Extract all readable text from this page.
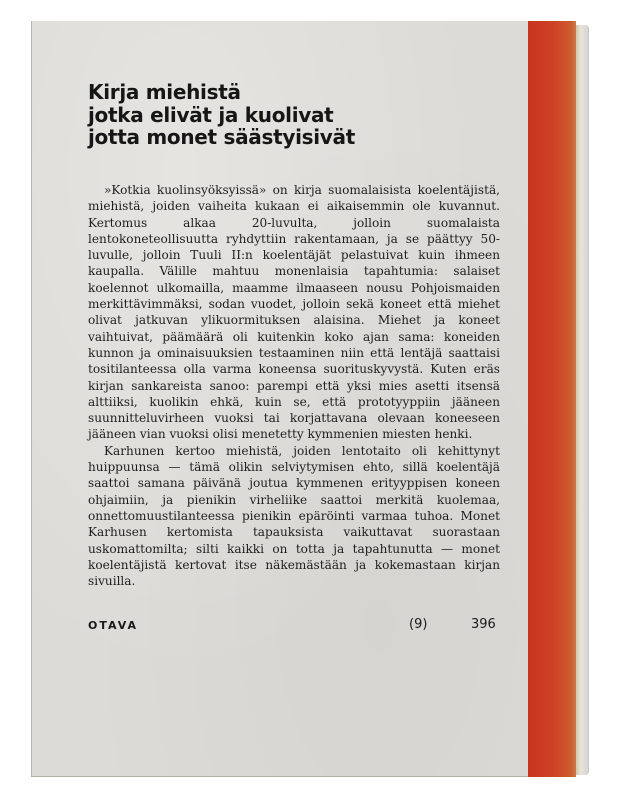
Kirja miehistä
jotka elivät ja kuolivat
jotta monet säästyisivät

»Kotkia kuolinsyöksyissä» on kirja suomalaisista koelentäjistä, miehistä, joiden vaiheita kukaan ei aikaisemmin ole kuvannut. Kertomus alkaa 20-luvulta, jolloin suomalaista lentokoneteollisuutta ryhdyttiin rakentamaan, ja se päättyy 50-luvulle, jolloin Tuuli II:n koelentäjät pelastuivat kuin ihmeen kaupalla. Välille mahtuu monenlaisia tapahtumia: salaiset koelennot ulkomailla, maamme ilmaaseen nousu Pohjoismaiden merkittävimmäksi, sodan vuodet, jolloin sekä koneet että miehet olivat jatkuvan ylikuormituksen alaisina. Miehet ja koneet vaihtuivat, päämäärä oli kuitenkin koko ajan sama: koneiden kunnon ja ominaisuuksien testaaminen niin että lentäjä saattaisi tositilanteessa olla varma koneensa suorituskyvystä. Kuten eräs kirjan sankareista sanoo: parempi että yksi mies asetti itsensä alttiiksi, kuolikin ehkä, kuin se, että prototyyppiin jääneen suunnitteluvirheen vuoksi tai korjattavana olevaan koneeseen jääneen vian vuoksi olisi menetetty kymmenien miesten henki.

Karhunen kertoo miehistä, joiden lentotaito oli kehittynyt huippuunsa — tämä olikin selviytymisen ehto, sillä koelentäjä saattoi samana päivänä joutua kymmenen erityyppisen koneen ohjaimiin, ja pienikin virheliike saattoi merkitä kuolemaa, onnettomuustilanteessa pienikin epäröinti varmaa tuhoa. Monet Karhusen kertomista tapauksista vaikuttavat suorastaan uskomattomilta; silti kaikki on totta ja tapahtunutta — monet koelentäjistä kertovat itse näkemästään ja kokemastaan kirjan sivuilla.

OTAVA	(9)	396
